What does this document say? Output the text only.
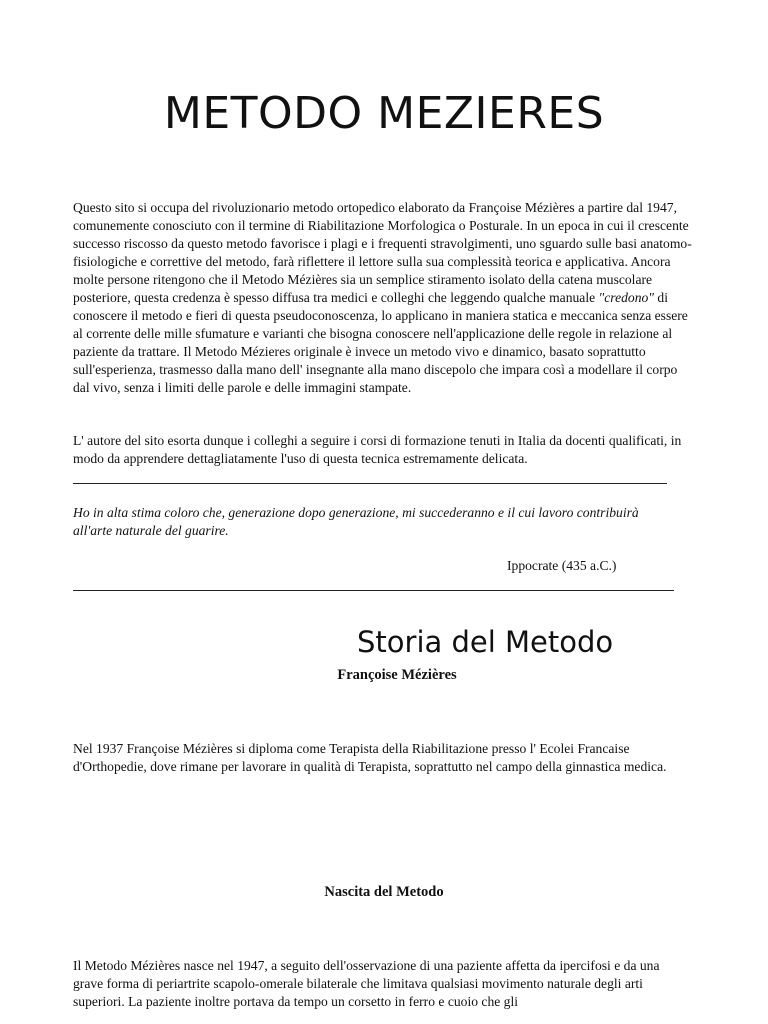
METODO MEZIERES

Questo sito si occupa del rivoluzionario metodo ortopedico elaborato da Françoise Mézières a partire dal 1947, comunemente conosciuto con il termine di Riabilitazione Morfologica o Posturale. In un epoca in cui il crescente successo riscosso da questo metodo favorisce i plagi e i frequenti stravolgimenti, uno sguardo sulle basi anatomo-fisiologiche e correttive del metodo, farà riflettere il lettore sulla sua complessità teorica e applicativa. Ancora molte persone ritengono che il Metodo Mézières sia un semplice stiramento isolato della catena muscolare posteriore, questa credenza è spesso diffusa tra medici e colleghi che leggendo qualche manuale "credono" di conoscere il metodo e fieri di questa pseudoconoscenza, lo applicano in maniera statica e meccanica senza essere al corrente delle mille sfumature e varianti che bisogna conoscere nell'applicazione delle regole in relazione al paziente da trattare. Il Metodo Mézieres originale è invece un metodo vivo e dinamico, basato soprattutto sull'esperienza, trasmesso dalla mano dell' insegnante alla mano discepolo che impara così a modellare il corpo dal vivo, senza i limiti delle parole e delle immagini stampate.

L' autore del sito esorta dunque i colleghi a seguire i corsi di formazione tenuti in Italia da docenti qualificati, in modo da apprendere dettagliatamente l'uso di questa tecnica estremamente delicata.

Ho in alta stima coloro che, generazione dopo generazione, mi succederanno e il cui lavoro contribuirà all'arte naturale del guarire.

Ippocrate (435 a.C.)
Storia del Metodo
Françoise Mézières

Nel 1937 Françoise Mézières si diploma come Terapista della Riabilitazione presso l' Ecolei Francaise d'Orthopedie, dove rimane per lavorare in qualità di Terapista, soprattutto nel campo della ginnastica medica.

Nascita del Metodo

Il Metodo Mézières nasce nel 1947, a seguito dell'osservazione di una paziente affetta da ipercifosi e da una grave forma di periartrite scapolo-omerale bilaterale che limitava qualsiasi movimento naturale degli arti superiori. La paziente inoltre portava da tempo un corsetto in ferro e cuoio che gli
